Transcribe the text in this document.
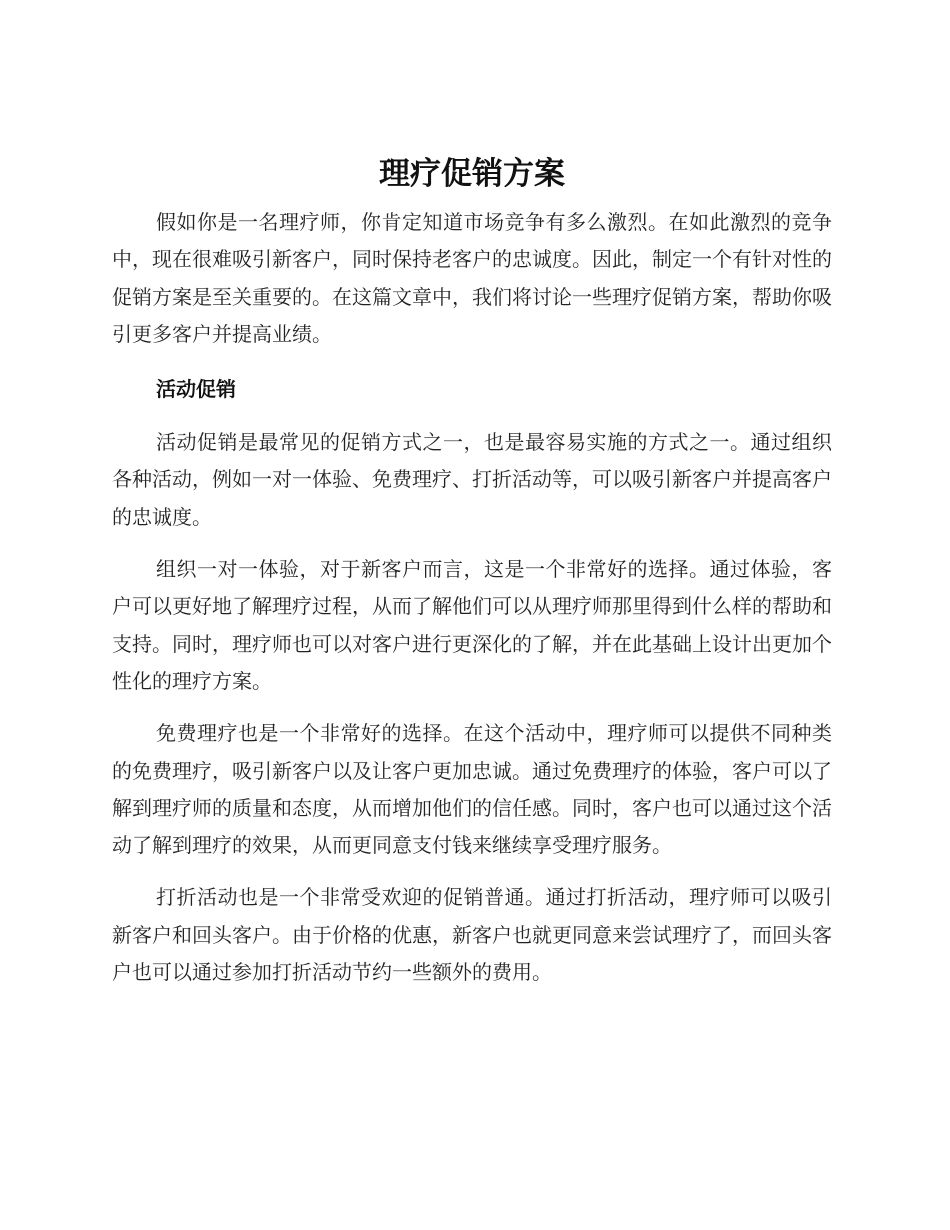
理疗促销方案

假如你是一名理疗师，你肯定知道市场竞争有多么激烈。在如此激烈的竞争中，现在很难吸引新客户，同时保持老客户的忠诚度。因此，制定一个有针对性的促销方案是至关重要的。在这篇文章中，我们将讨论一些理疗促销方案，帮助你吸引更多客户并提高业绩。

活动促销

活动促销是最常见的促销方式之一，也是最容易实施的方式之一。通过组织各种活动，例如一对一体验、免费理疗、打折活动等，可以吸引新客户并提高客户的忠诚度。

组织一对一体验，对于新客户而言，这是一个非常好的选择。通过体验，客户可以更好地了解理疗过程，从而了解他们可以从理疗师那里得到什么样的帮助和支持。同时，理疗师也可以对客户进行更深化的了解，并在此基础上设计出更加个性化的理疗方案。

免费理疗也是一个非常好的选择。在这个活动中，理疗师可以提供不同种类的免费理疗，吸引新客户以及让客户更加忠诚。通过免费理疗的体验，客户可以了解到理疗师的质量和态度，从而增加他们的信任感。同时，客户也可以通过这个活动了解到理疗的效果，从而更同意支付钱来继续享受理疗服务。

打折活动也是一个非常受欢迎的促销普通。通过打折活动，理疗师可以吸引新客户和回头客户。由于价格的优惠，新客户也就更同意来尝试理疗了，而回头客户也可以通过参加打折活动节约一些额外的费用。
